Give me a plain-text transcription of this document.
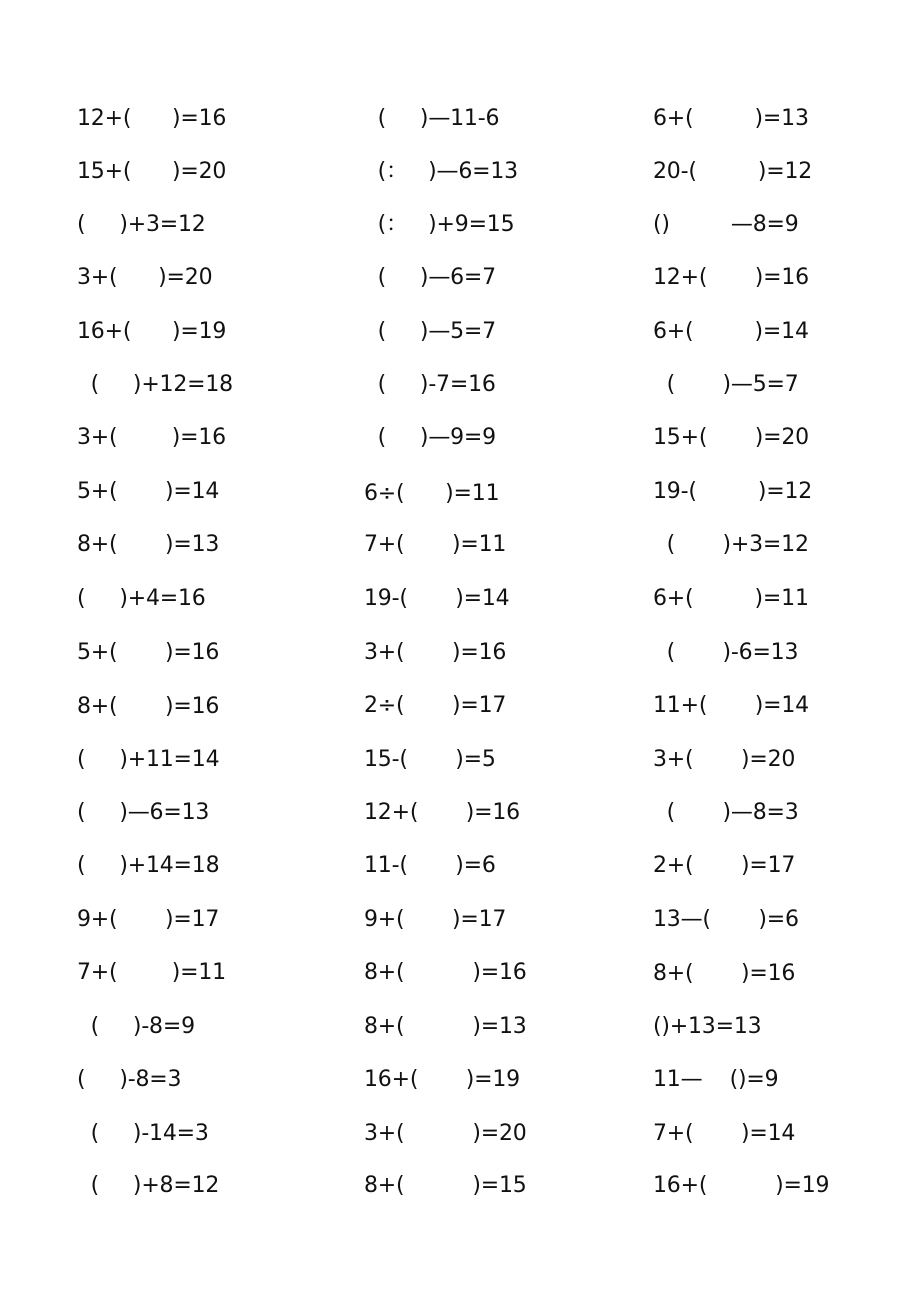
12+(      )=16
15+(      )=20
(     )+3=12
3+(      )=20
16+(      )=19
(     )+12=18
3+(        )=16
5+(       )=14
8+(       )=13
(     )+4=16
5+(       )=16
8+(       )=16
(     )+11=14
(     )—6=13
(     )+14=18
9+(       )=17
7+(        )=11
(     )-8=9
(     )-8=3
(     )-14=3
(     )+8=12
(     )—11-6
(：   )—6=13
(：   )+9=15
(     )—6=7
(     )—5=7
(     )-7=16
(     )—9=9
6÷(      )=11
7+(       )=11
19-(       )=14
3+(       )=16
2÷(       )=17
15-(       )=5
12+(       )=16
11-(       )=6
9+(       )=17
8+(          )=16
8+(          )=13
16+(       )=19
3+(          )=20
8+(          )=15
6+(         )=13
20-(         )=12
()         —8=9
12+(       )=16
6+(         )=14
(       )—5=7
15+(       )=20
19-(         )=12
(       )+3=12
6+(         )=11
(       )-6=13
11+(       )=14
3+(       )=20
(       )—8=3
2+(       )=17
13—(       )=6
8+(       )=16
()+13=13
11—    ()=9
7+(       )=14
16+(          )=19
